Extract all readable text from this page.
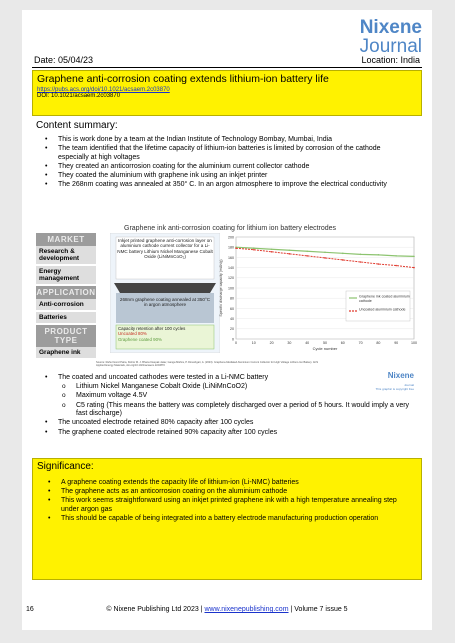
Nixene
Journal
Date: 05/04/23	Location: India
Graphene anti-corrosion coating extends lithium-ion battery life
https://pubs.acs.org/doi/10.1021/acsaem.2c03870
DOI: 10.1021/acsaem.2c03870
Content summary:
• This is work done by a team at the Indian Institute of Technology Bombay, Mumbai, India
• The team identified that the lifetime capacity of lithium-ion batteries is limited by corrosion of the cathode especially at high voltages
• They created an anticorrosion coating for the aluminium current collector cathode
• They coated the aluminium with graphene ink using an inkjet printer
• The 268nm coating was annealed at 350° C. In an argon atmosphere to improve the electrical conductivity
Graphene ink anti-corrosion coating for lithium ion battery electrodes
MARKET
Research & development
Energy management
APPLICATION
Anti-corrosion
Batteries
PRODUCT TYPE
Graphene ink
Inkjet printed graphene anti-corrosion layer on aluminium cathode current collector for a Li-NMC battery Lithium Nickel Manganese Cobalt Oxide (LiNiMnCoO₂)
268nm graphene coating annealed at 350°C in argon atmosphere
Capacity retention after 100 cycles
Uncoated 80%
Graphene coated 90%	0
20
40
60
80
100
120
140
160
180
200
0	10	20	30	40	50	60	70	80	90	100
Cycle number
Specific discharge capacity (mAh/g)	Graphene ink coated aluminium
cathode
Uncoated aluminium cathode
Source: Rahul Gond Patra, Kishor M. J. Bhanu Deepak Jatav, Ganga Mishra, P. Dineshgari, A. (2023). Graphene-Mediated Aluminium Current Collector for High Voltage Lithium-Ion Battery. ACS Applied Energy Materials, doi.org/10.1021/acsaem.2c03870
Nixene
Journal
This graphic is copyright free
• The coated and uncoated cathodes were tested in a Li-NMC battery
o Lithium Nickel Manganese Cobalt Oxide (LiNiMnCoO2)
o Maximum voltage 4.5V
o C5 rating (This means the battery was completely discharged over a period of 5 hours. It would imply a very fast discharge)
• The uncoated electrode retained 80% capacity after 100 cycles
• The graphene coated electrode retained 90% capacity after 100 cycles
Significance:
• A graphene coating extends the capacity life of lithium-ion (Li-NMC) batteries
• The graphene acts as an anticorrosion coating on the aluminium cathode
• This work seems straightforward using an inkjet printed graphene ink with a high temperature annealing step under argon gas
• This should be capable of being integrated into a battery electrode manufacturing production operation
16	© Nixene Publishing Ltd 2023 | www.nixenepublishing.com | Volume 7 issue 5
